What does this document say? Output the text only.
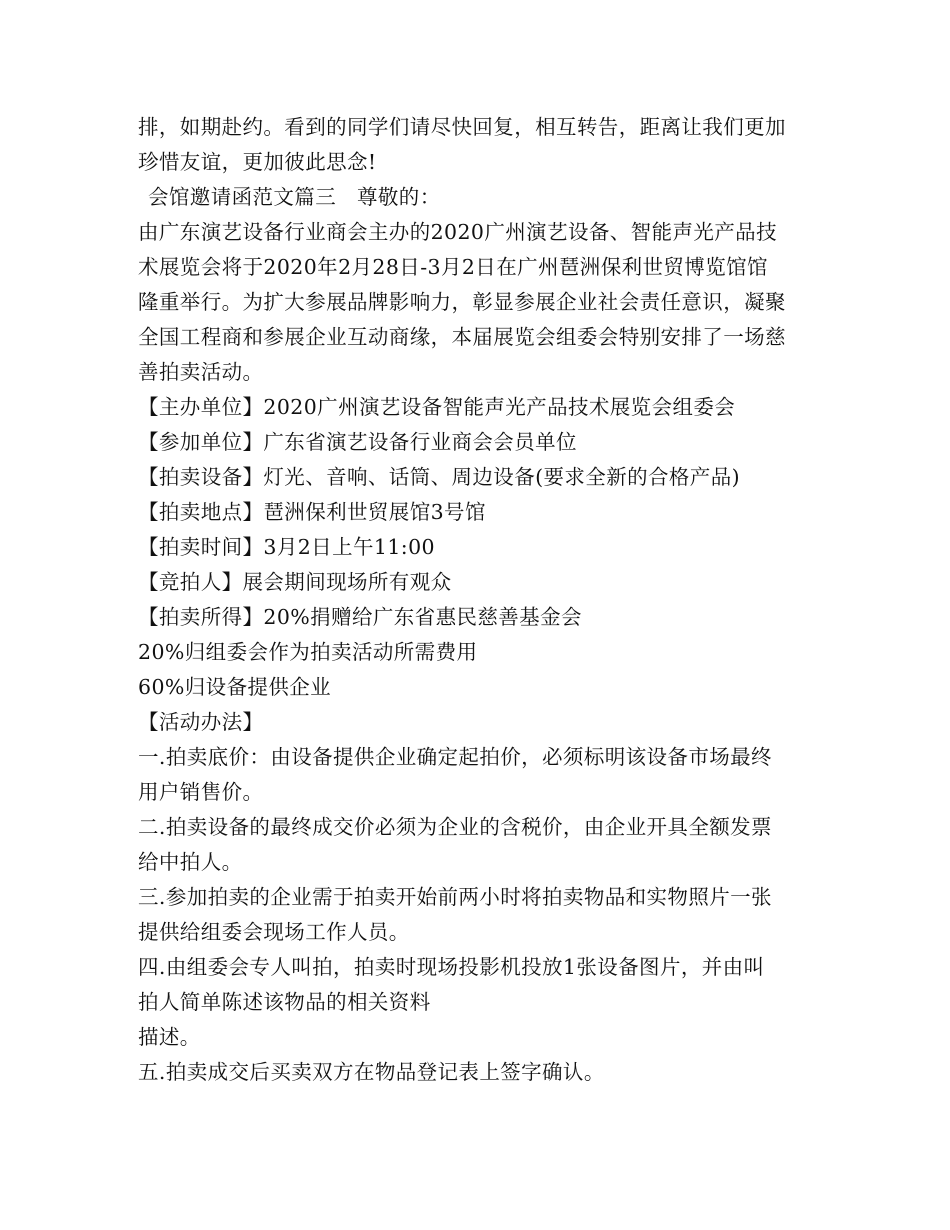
排，如期赴约。看到的同学们请尽快回复，相互转告，距离让我们更加
珍惜友谊，更加彼此思念!
会馆邀请函范文篇三　尊敬的：
由广东演艺设备行业商会主办的2020广州演艺设备、智能声光产品技
术展览会将于2020年2月28日-3月2日在广州琶洲保利世贸博览馆馆
隆重举行。为扩大参展品牌影响力，彰显参展企业社会责任意识，凝聚
全国工程商和参展企业互动商缘，本届展览会组委会特别安排了一场慈
善拍卖活动。
【主办单位】2020广州演艺设备智能声光产品技术展览会组委会
【参加单位】广东省演艺设备行业商会会员单位
【拍卖设备】灯光、音响、话筒、周边设备(要求全新的合格产品)
【拍卖地点】琶洲保利世贸展馆3号馆
【拍卖时间】3月2日上午11:00
【竞拍人】展会期间现场所有观众
【拍卖所得】20%捐赠给广东省惠民慈善基金会
20%归组委会作为拍卖活动所需费用
60%归设备提供企业
【活动办法】
一.拍卖底价：由设备提供企业确定起拍价，必须标明该设备市场最终
用户销售价。
二.拍卖设备的最终成交价必须为企业的含税价，由企业开具全额发票
给中拍人。
三.参加拍卖的企业需于拍卖开始前两小时将拍卖物品和实物照片一张
提供给组委会现场工作人员。
四.由组委会专人叫拍，拍卖时现场投影机投放1张设备图片，并由叫
拍人简单陈述该物品的相关资料
描述。
五.拍卖成交后买卖双方在物品登记表上签字确认。
